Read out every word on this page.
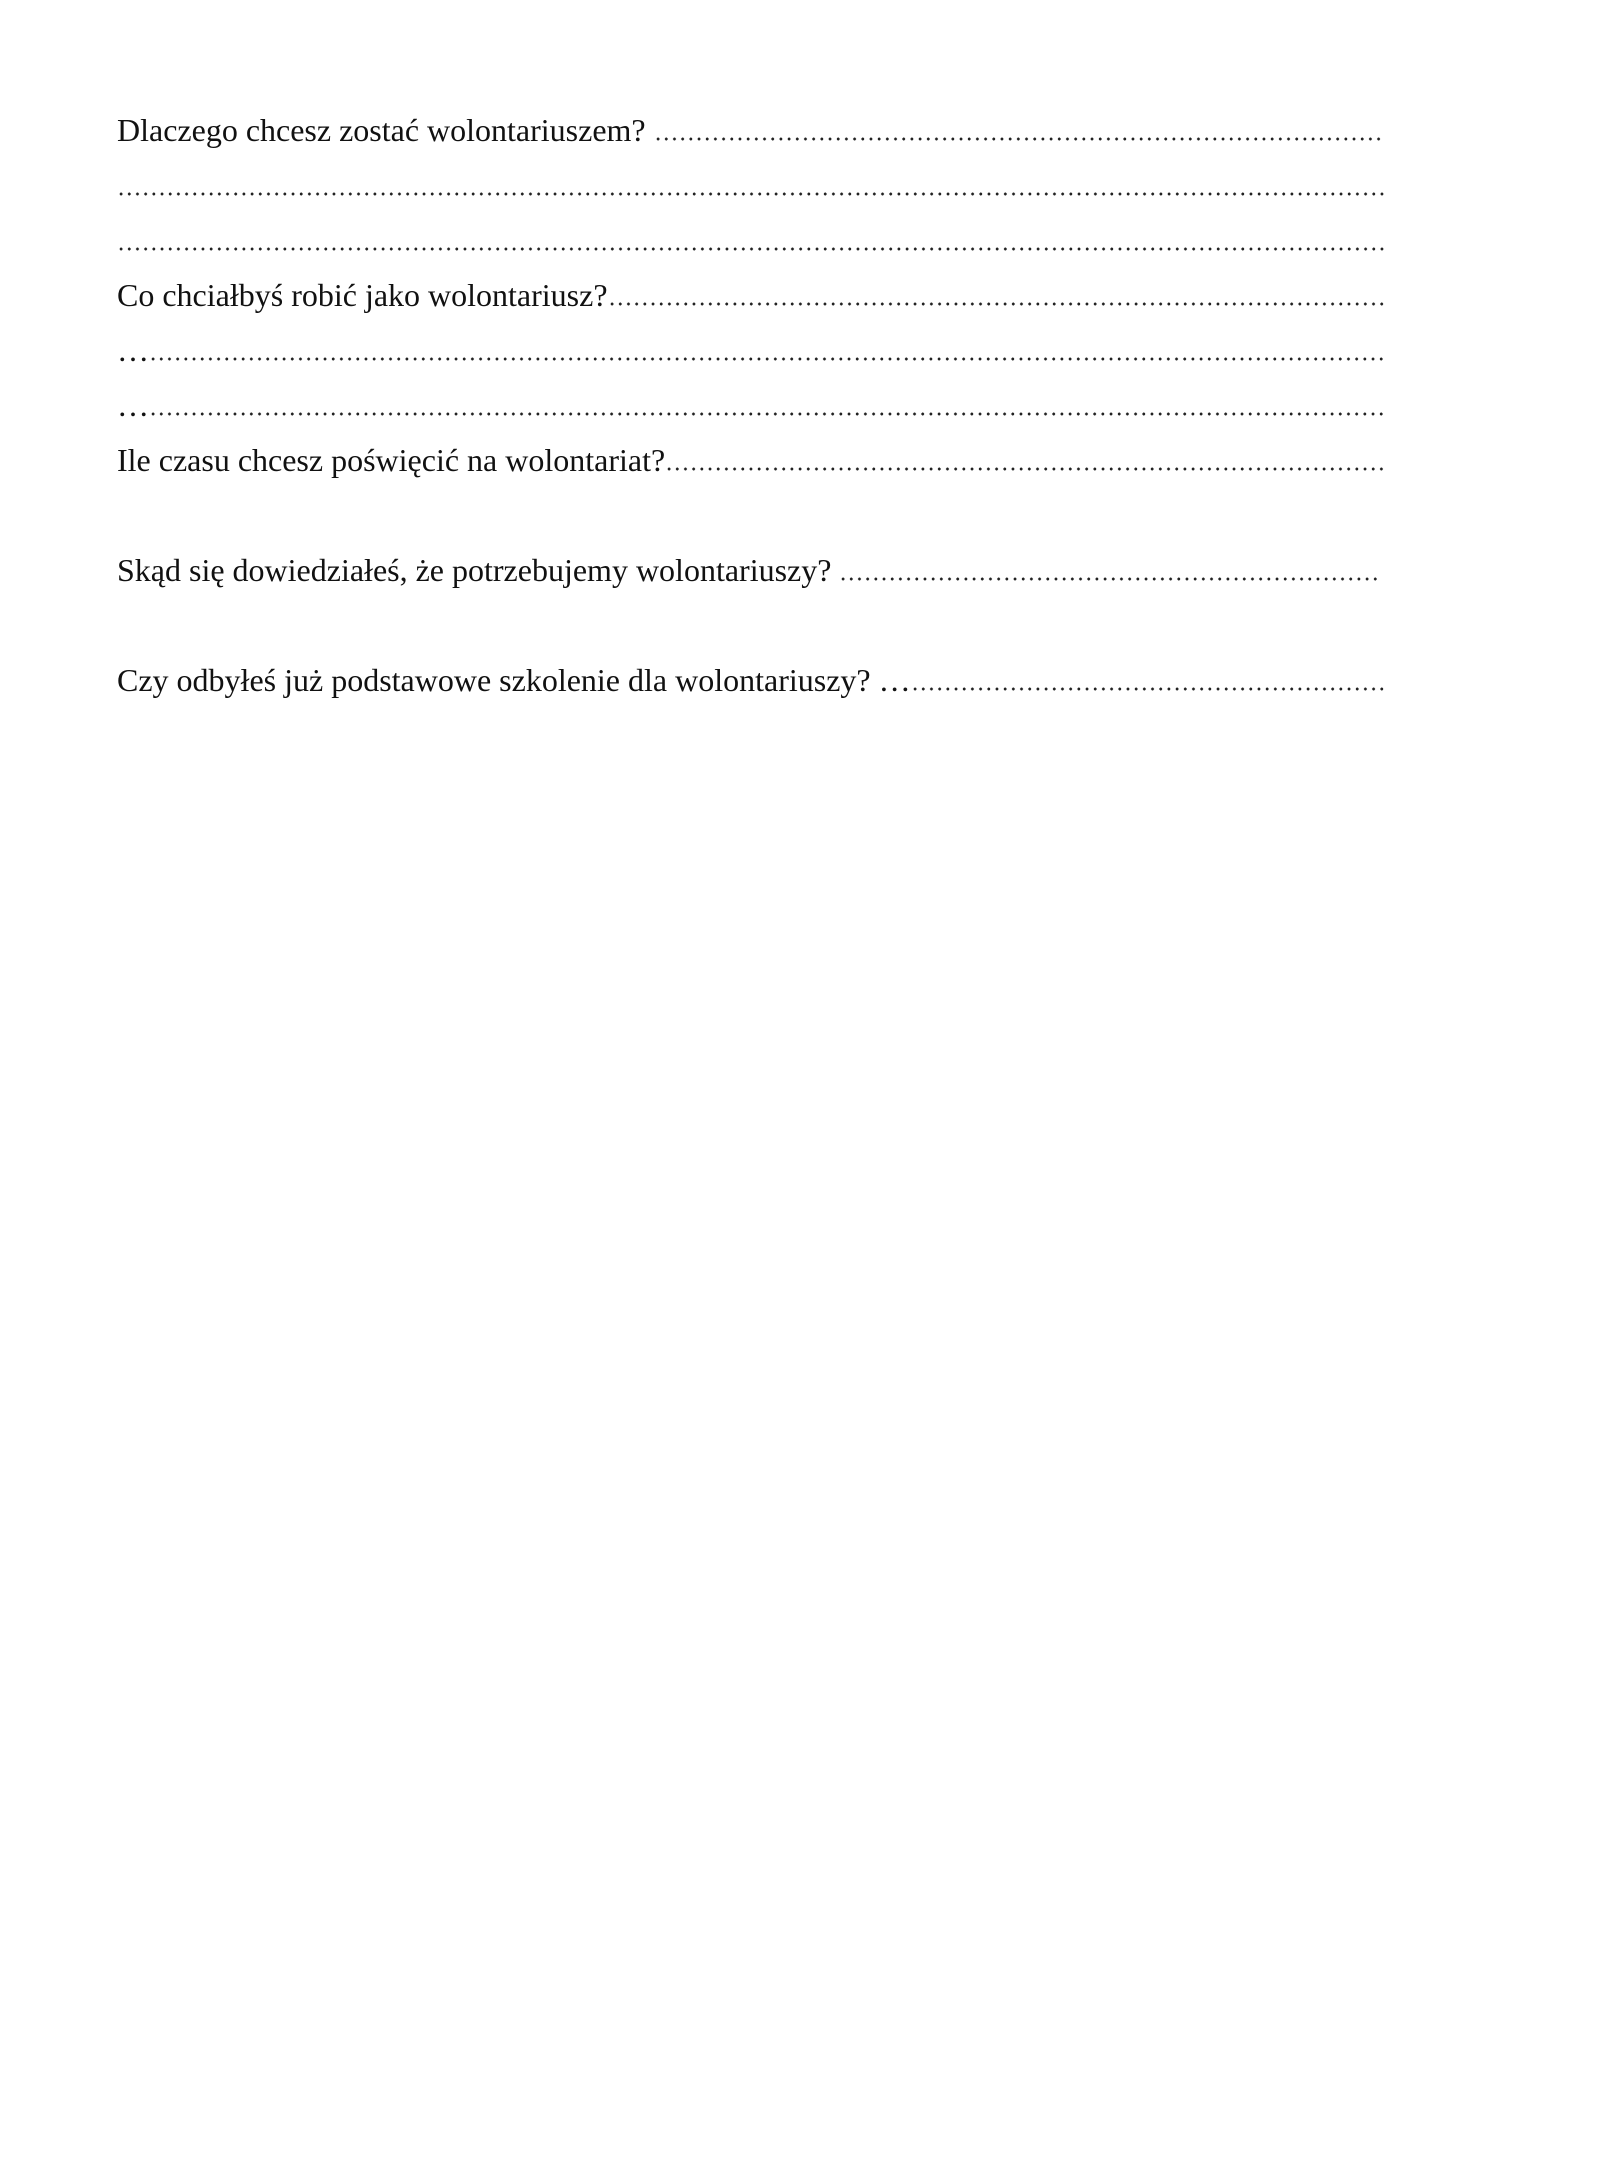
Dlaczego chcesz zostać wolontariuszem?
Co chciałbyś robić jako wolontariusz?
…
…
Ile czasu chcesz poświęcić na wolontariat?
Skąd się dowiedziałeś, że potrzebujemy wolontariuszy?
Czy odbyłeś już podstawowe szkolenie dla wolontariuszy? …
